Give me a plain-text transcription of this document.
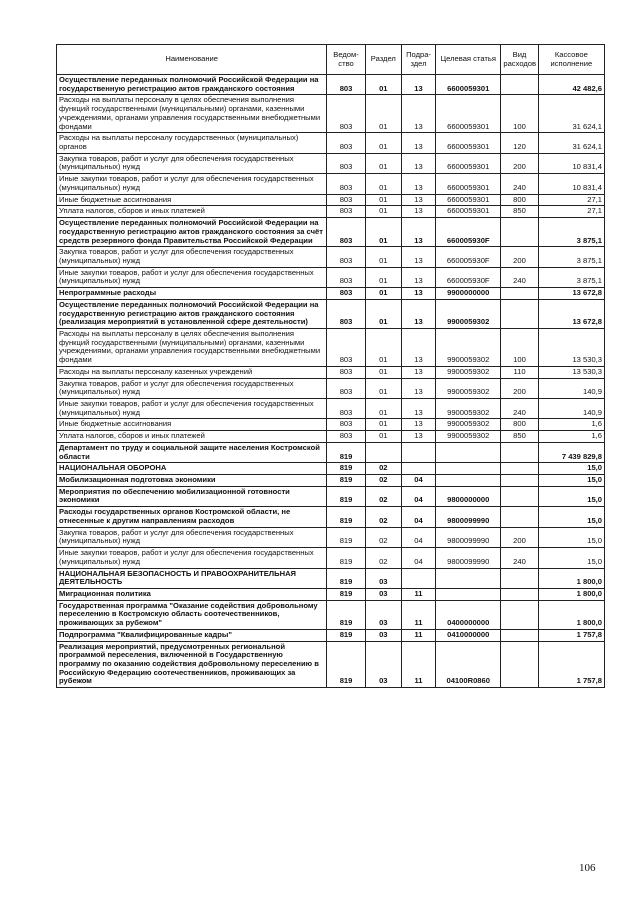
Наименование	Ведом-ство	Раздел	Подра-здел	Целевая статья	Вид расходов	Кассовое исполнение
Осуществление переданных полномочий Российской Федерации на государственную регистрацию актов гражданского состояния	803	01	13	6600059301		42 482,6
Расходы на выплаты персоналу в целях обеспечения выполнения функций государственными (муниципальными) органами, казенными учреждениями, органами управления государственными внебюджетными фондами	803	01	13	6600059301	100	31 624,1
Расходы на выплаты персоналу государственных (муниципальных) органов	803	01	13	6600059301	120	31 624,1
Закупка товаров, работ и услуг для обеспечения государственных (муниципальных) нужд	803	01	13	6600059301	200	10 831,4
Иные закупки товаров, работ и услуг для обеспечения государственных (муниципальных) нужд	803	01	13	6600059301	240	10 831,4
Иные бюджетные ассигнования	803	01	13	6600059301	800	27,1
Уплата налогов, сборов и иных платежей	803	01	13	6600059301	850	27,1
Осуществление переданных полномочий Российской Федерации на государственную регистрацию актов гражданского состояния за счёт средств резервного фонда Правительства Российской Федерации	803	01	13	660005930F		3 875,1
Закупка товаров, работ и услуг для обеспечения государственных (муниципальных) нужд	803	01	13	660005930F	200	3 875,1
Иные закупки товаров, работ и услуг для обеспечения государственных (муниципальных) нужд	803	01	13	660005930F	240	3 875,1
Непрограммные расходы	803	01	13	9900000000		13 672,8
Осуществление переданных полномочий Российской Федерации на государственную регистрацию актов гражданского состояния (реализация мероприятий в установленной сфере деятельности)	803	01	13	9900059302		13 672,8
Расходы на выплаты персоналу в целях обеспечения выполнения функций государственными (муниципальными) органами, казенными учреждениями, органами управления государственными внебюджетными фондами	803	01	13	9900059302	100	13 530,3
Расходы на выплаты персоналу казенных учреждений	803	01	13	9900059302	110	13 530,3
Закупка товаров, работ и услуг для обеспечения государственных (муниципальных) нужд	803	01	13	9900059302	200	140,9
Иные закупки товаров, работ и услуг для обеспечения государственных (муниципальных) нужд	803	01	13	9900059302	240	140,9
Иные бюджетные ассигнования	803	01	13	9900059302	800	1,6
Уплата налогов, сборов и иных платежей	803	01	13	9900059302	850	1,6
Департамент по труду и социальной защите населения Костромской области	819					7 439 829,8
НАЦИОНАЛЬНАЯ ОБОРОНА	819	02				15,0
Мобилизационная подготовка экономики	819	02	04			15,0
Мероприятия по обеспечению мобилизационной готовности экономики	819	02	04	9800000000		15,0
Расходы государственных органов Костромской области, не отнесенные к другим направлениям расходов	819	02	04	9800099990		15,0
Закупка товаров, работ и услуг для обеспечения государственных (муниципальных) нужд	819	02	04	9800099990	200	15,0
Иные закупки товаров, работ и услуг для обеспечения государственных (муниципальных) нужд	819	02	04	9800099990	240	15,0
НАЦИОНАЛЬНАЯ БЕЗОПАСНОСТЬ И ПРАВООХРАНИТЕЛЬНАЯ ДЕЯТЕЛЬНОСТЬ	819	03				1 800,0
Миграционная политика	819	03	11			1 800,0
Государственная программа "Оказание содействия добровольному переселению в Костромскую область соотечественников, проживающих за рубежом"	819	03	11	0400000000		1 800,0
Подпрограмма "Квалифицированные кадры"	819	03	11	0410000000		1 757,8
Реализация мероприятий, предусмотренных региональной программой переселения, включенной в Государственную программу по оказанию содействия добровольному переселению в Российскую Федерацию соотечественников, проживающих за рубежом	819	03	11	04100R0860		1 757,8
106
